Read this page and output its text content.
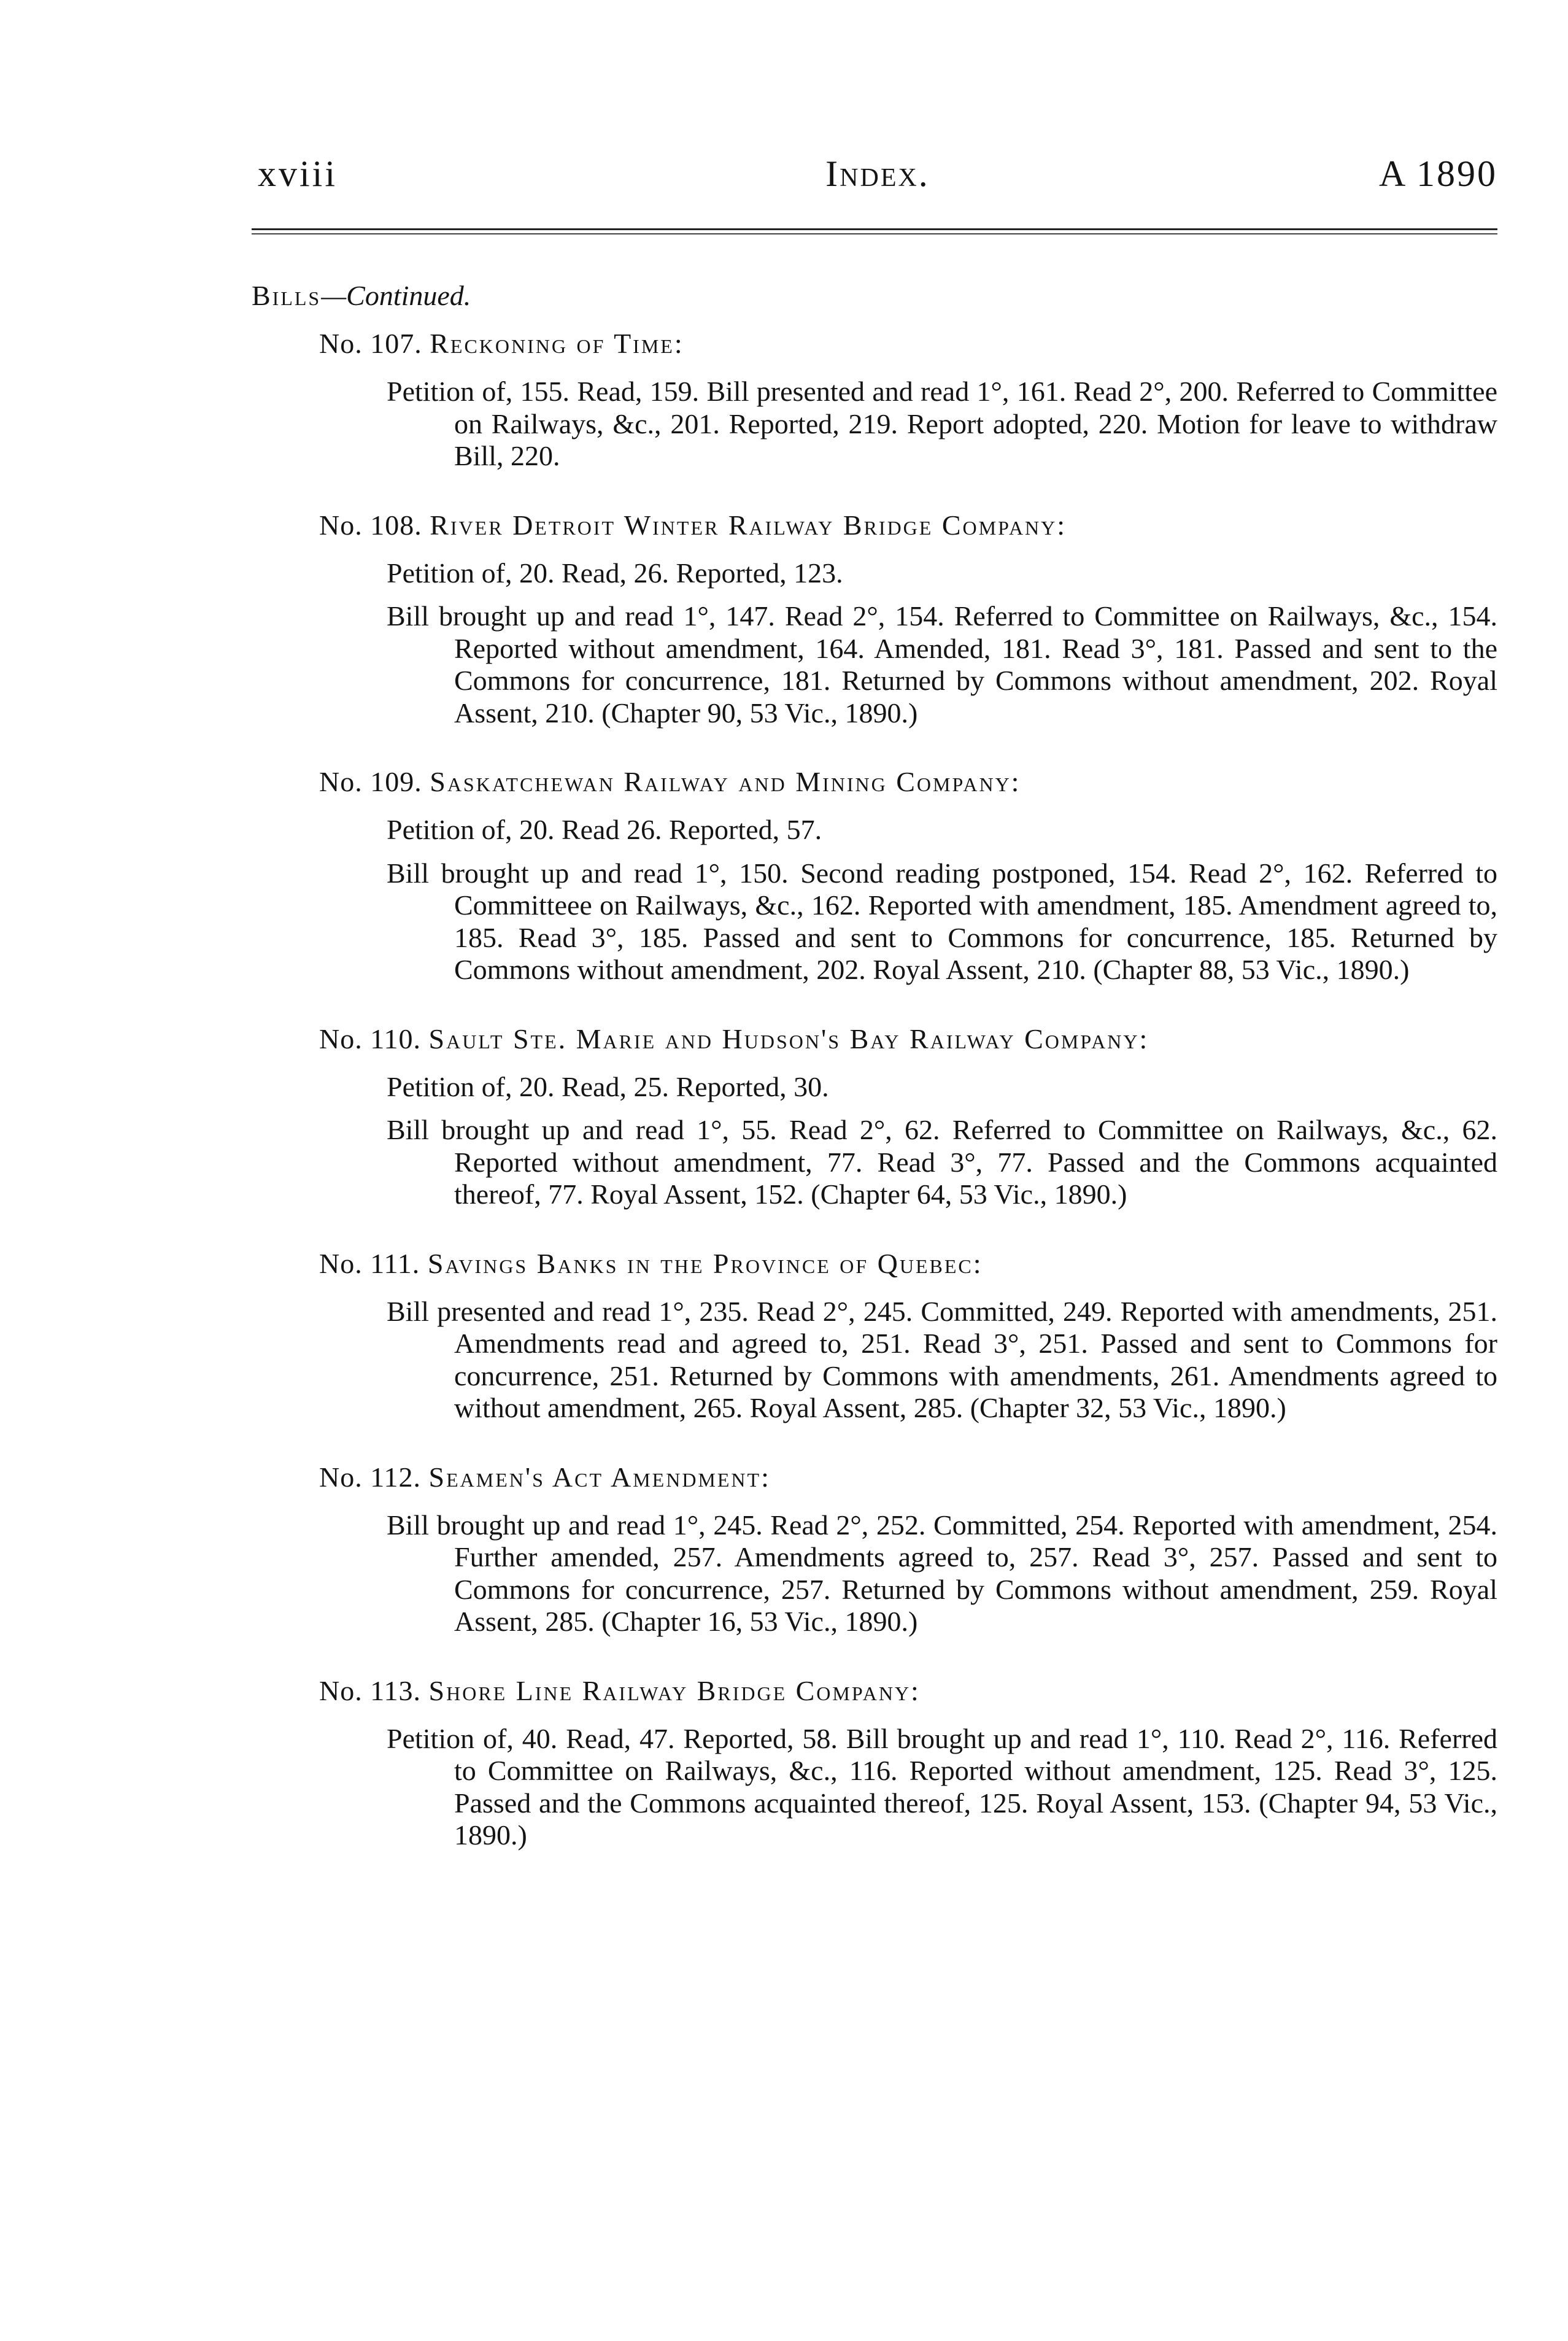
Index.
xviii	A 1890
Bills—Continued.
No. 107. Reckoning of Time:

Petition of, 155. Read, 159. Bill presented and read 1°, 161. Read 2°, 200. Referred to Committee on Railways, &c., 201. Reported, 219. Report adopted, 220. Motion for leave to withdraw Bill, 220.

No. 108. River Detroit Winter Railway Bridge Company:

Petition of, 20. Read, 26. Reported, 123.

Bill brought up and read 1°, 147. Read 2°, 154. Referred to Committee on Railways, &c., 154. Reported without amendment, 164. Amended, 181. Read 3°, 181. Passed and sent to the Commons for concurrence, 181. Returned by Commons without amendment, 202. Royal Assent, 210. (Chapter 90, 53 Vic., 1890.)

No. 109. Saskatchewan Railway and Mining Company:

Petition of, 20. Read 26. Reported, 57.

Bill brought up and read 1°, 150. Second reading postponed, 154. Read 2°, 162. Referred to Committeee on Railways, &c., 162. Reported with amendment, 185. Amendment agreed to, 185. Read 3°, 185. Passed and sent to Commons for concurrence, 185. Returned by Commons without amendment, 202. Royal Assent, 210. (Chapter 88, 53 Vic., 1890.)

No. 110. Sault Ste. Marie and Hudson's Bay Railway Company:

Petition of, 20. Read, 25. Reported, 30.

Bill brought up and read 1°, 55. Read 2°, 62. Referred to Committee on Railways, &c., 62. Reported without amendment, 77. Read 3°, 77. Passed and the Commons acquainted thereof, 77. Royal Assent, 152. (Chapter 64, 53 Vic., 1890.)

No. 111. Savings Banks in the Province of Quebec:

Bill presented and read 1°, 235. Read 2°, 245. Committed, 249. Reported with amendments, 251. Amendments read and agreed to, 251. Read 3°, 251. Passed and sent to Commons for concurrence, 251. Returned by Commons with amendments, 261. Amendments agreed to without amendment, 265. Royal Assent, 285. (Chapter 32, 53 Vic., 1890.)

No. 112. Seamen's Act Amendment:

Bill brought up and read 1°, 245. Read 2°, 252. Committed, 254. Reported with amendment, 254. Further amended, 257. Amendments agreed to, 257. Read 3°, 257. Passed and sent to Commons for concurrence, 257. Returned by Commons without amendment, 259. Royal Assent, 285. (Chapter 16, 53 Vic., 1890.)

No. 113. Shore Line Railway Bridge Company:

Petition of, 40. Read, 47. Reported, 58. Bill brought up and read 1°, 110. Read 2°, 116. Referred to Committee on Railways, &c., 116. Reported without amendment, 125. Read 3°, 125. Passed and the Commons acquainted thereof, 125. Royal Assent, 153. (Chapter 94, 53 Vic., 1890.)
